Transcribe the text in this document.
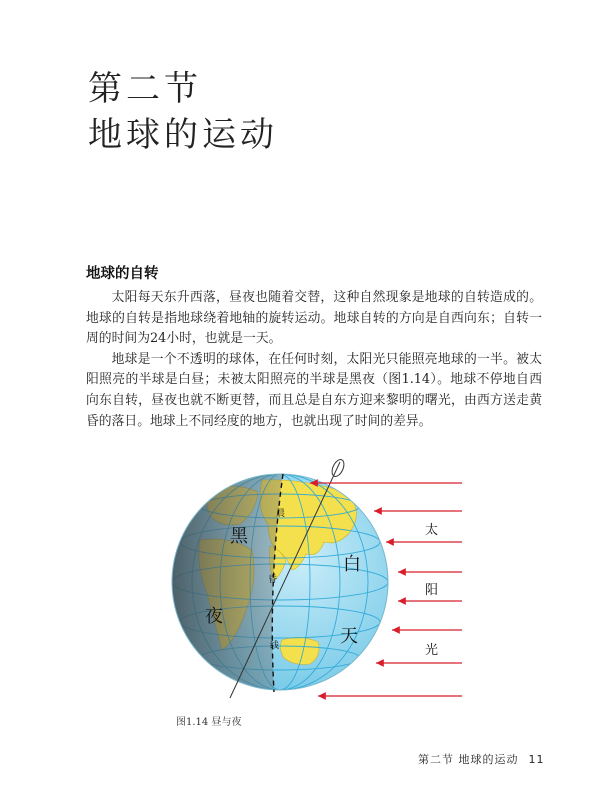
第二节
地球的运动
地球的自转

太阳每天东升西落，昼夜也随着交替，这种自然现象是地球的自转造成的。地球的自转是指地球绕着地轴的旋转运动。地球自转的方向是自西向东；自转一周的时间为24小时，也就是一天。

地球是一个不透明的球体，在任何时刻，太阳光只能照亮地球的一半。被太阳照亮的半球是白昼；未被太阳照亮的半球是黑夜（图1.14）。地球不停地自西向东自转，昼夜也就不断更替，而且总是自东方迎来黎明的曙光，由西方送走黄昏的落日。地球上不同经度的地方，也就出现了时间的差异。

黑
夜
白
天
太
阳
光
晨
昏
线
图1.14 昼与夜
第二节 地球的运动 11
